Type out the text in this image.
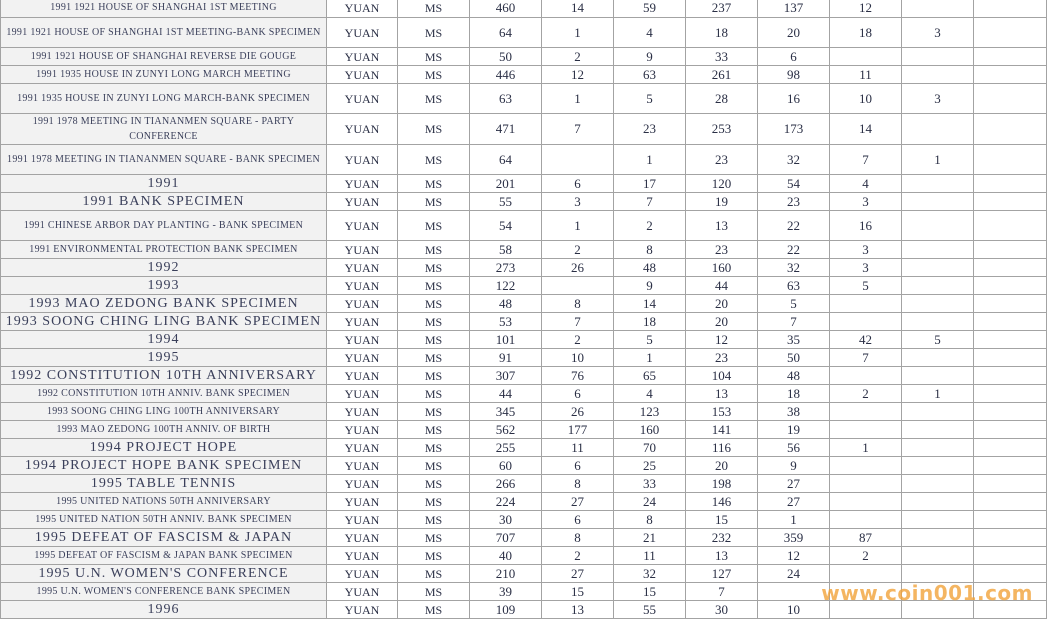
1991 1921 HOUSE OF SHANGHAI 1ST MEETING	YUAN	MS	460	14	59	237	137	12		
1991 1921 HOUSE OF SHANGHAI 1ST MEETING-BANK SPECIMEN	YUAN	MS	64	1	4	18	20	18	3	
1991 1921 HOUSE OF SHANGHAI REVERSE DIE GOUGE	YUAN	MS	50	2	9	33	6			
1991 1935 HOUSE IN ZUNYI LONG MARCH MEETING	YUAN	MS	446	12	63	261	98	11		
1991 1935 HOUSE IN ZUNYI LONG MARCH-BANK SPECIMEN	YUAN	MS	63	1	5	28	16	10	3	
1991 1978 MEETING IN TIANANMEN SQUARE - PARTY CONFERENCE	YUAN	MS	471	7	23	253	173	14		
1991 1978 MEETING IN TIANANMEN SQUARE - BANK SPECIMEN	YUAN	MS	64		1	23	32	7	1	
1991	YUAN	MS	201	6	17	120	54	4		
1991 BANK SPECIMEN	YUAN	MS	55	3	7	19	23	3		
1991 CHINESE ARBOR DAY PLANTING - BANK SPECIMEN	YUAN	MS	54	1	2	13	22	16		
1991 ENVIRONMENTAL PROTECTION BANK SPECIMEN	YUAN	MS	58	2	8	23	22	3		
1992	YUAN	MS	273	26	48	160	32	3		
1993	YUAN	MS	122		9	44	63	5		
1993 MAO ZEDONG BANK SPECIMEN	YUAN	MS	48	8	14	20	5			
1993 SOONG CHING LING BANK SPECIMEN	YUAN	MS	53	7	18	20	7			
1994	YUAN	MS	101	2	5	12	35	42	5	
1995	YUAN	MS	91	10	1	23	50	7		
1992 CONSTITUTION 10TH ANNIVERSARY	YUAN	MS	307	76	65	104	48			
1992 CONSTITUTION 10TH ANNIV. BANK SPECIMEN	YUAN	MS	44	6	4	13	18	2	1	
1993 SOONG CHING LING 100TH ANNIVERSARY	YUAN	MS	345	26	123	153	38			
1993 MAO ZEDONG 100TH ANNIV. OF BIRTH	YUAN	MS	562	177	160	141	19			
1994 PROJECT HOPE	YUAN	MS	255	11	70	116	56	1		
1994 PROJECT HOPE BANK SPECIMEN	YUAN	MS	60	6	25	20	9			
1995 TABLE TENNIS	YUAN	MS	266	8	33	198	27			
1995 UNITED NATIONS 50TH ANNIVERSARY	YUAN	MS	224	27	24	146	27			
1995 UNITED NATION 50TH ANNIV. BANK SPECIMEN	YUAN	MS	30	6	8	15	1			
1995 DEFEAT OF FASCISM & JAPAN	YUAN	MS	707	8	21	232	359	87		
1995 DEFEAT OF FASCISM & JAPAN BANK SPECIMEN	YUAN	MS	40	2	11	13	12	2		
1995 U.N. WOMEN'S CONFERENCE	YUAN	MS	210	27	32	127	24			
1995 U.N. WOMEN'S CONFERENCE BANK SPECIMEN	YUAN	MS	39	15	15	7				
1996	YUAN	MS	109	13	55	30	10			
www.coin001.com
